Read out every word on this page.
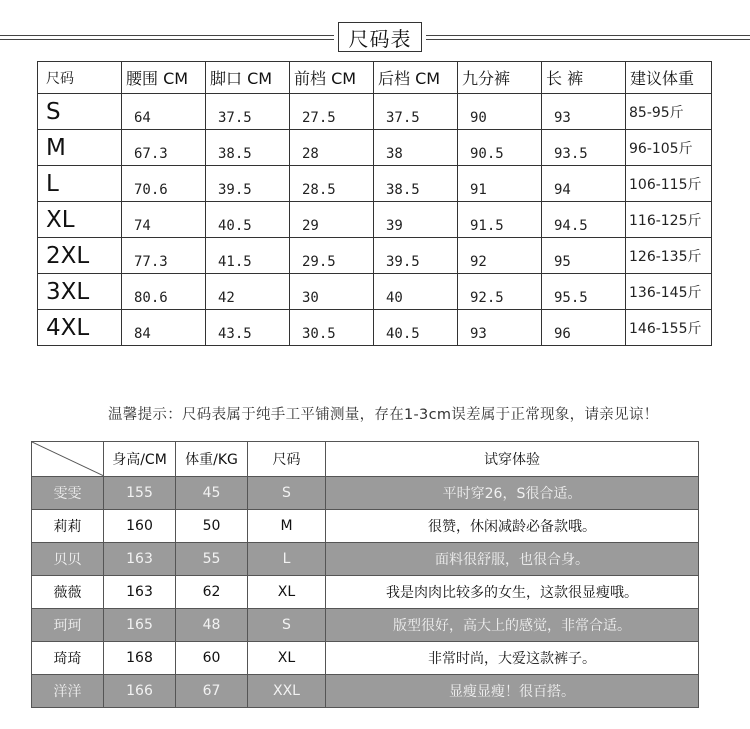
尺码表
尺码	腰围 CM	脚口 CM	前档 CM	后档 CM	九分裤	长 裤	建议体重
S	64	37.5	27.5	37.5	90	93	85-95斤
M	67.3	38.5	28	38	90.5	93.5	96-105斤
L	70.6	39.5	28.5	38.5	91	94	106-115斤
XL	74	40.5	29	39	91.5	94.5	116-125斤
2XL	77.3	41.5	29.5	39.5	92	95	126-135斤
3XL	80.6	42	30	40	92.5	95.5	136-145斤
4XL	84	43.5	30.5	40.5	93	96	146-155斤
温馨提示：尺码表属于纯手工平铺测量，存在1-3cm误差属于正常现象，请亲见谅！
	身高/CM	体重/KG	尺码	试穿体验
雯雯	155	45	S	平时穿26，S很合适。
莉莉	160	50	M	很赞，休闲减龄必备款哦。
贝贝	163	55	L	面料很舒服，也很合身。
薇薇	163	62	XL	我是肉肉比较多的女生，这款很显瘦哦。
珂珂	165	48	S	版型很好，高大上的感觉，非常合适。
琦琦	168	60	XL	非常时尚，大爱这款裤子。
洋洋	166	67	XXL	显瘦显瘦！很百搭。
